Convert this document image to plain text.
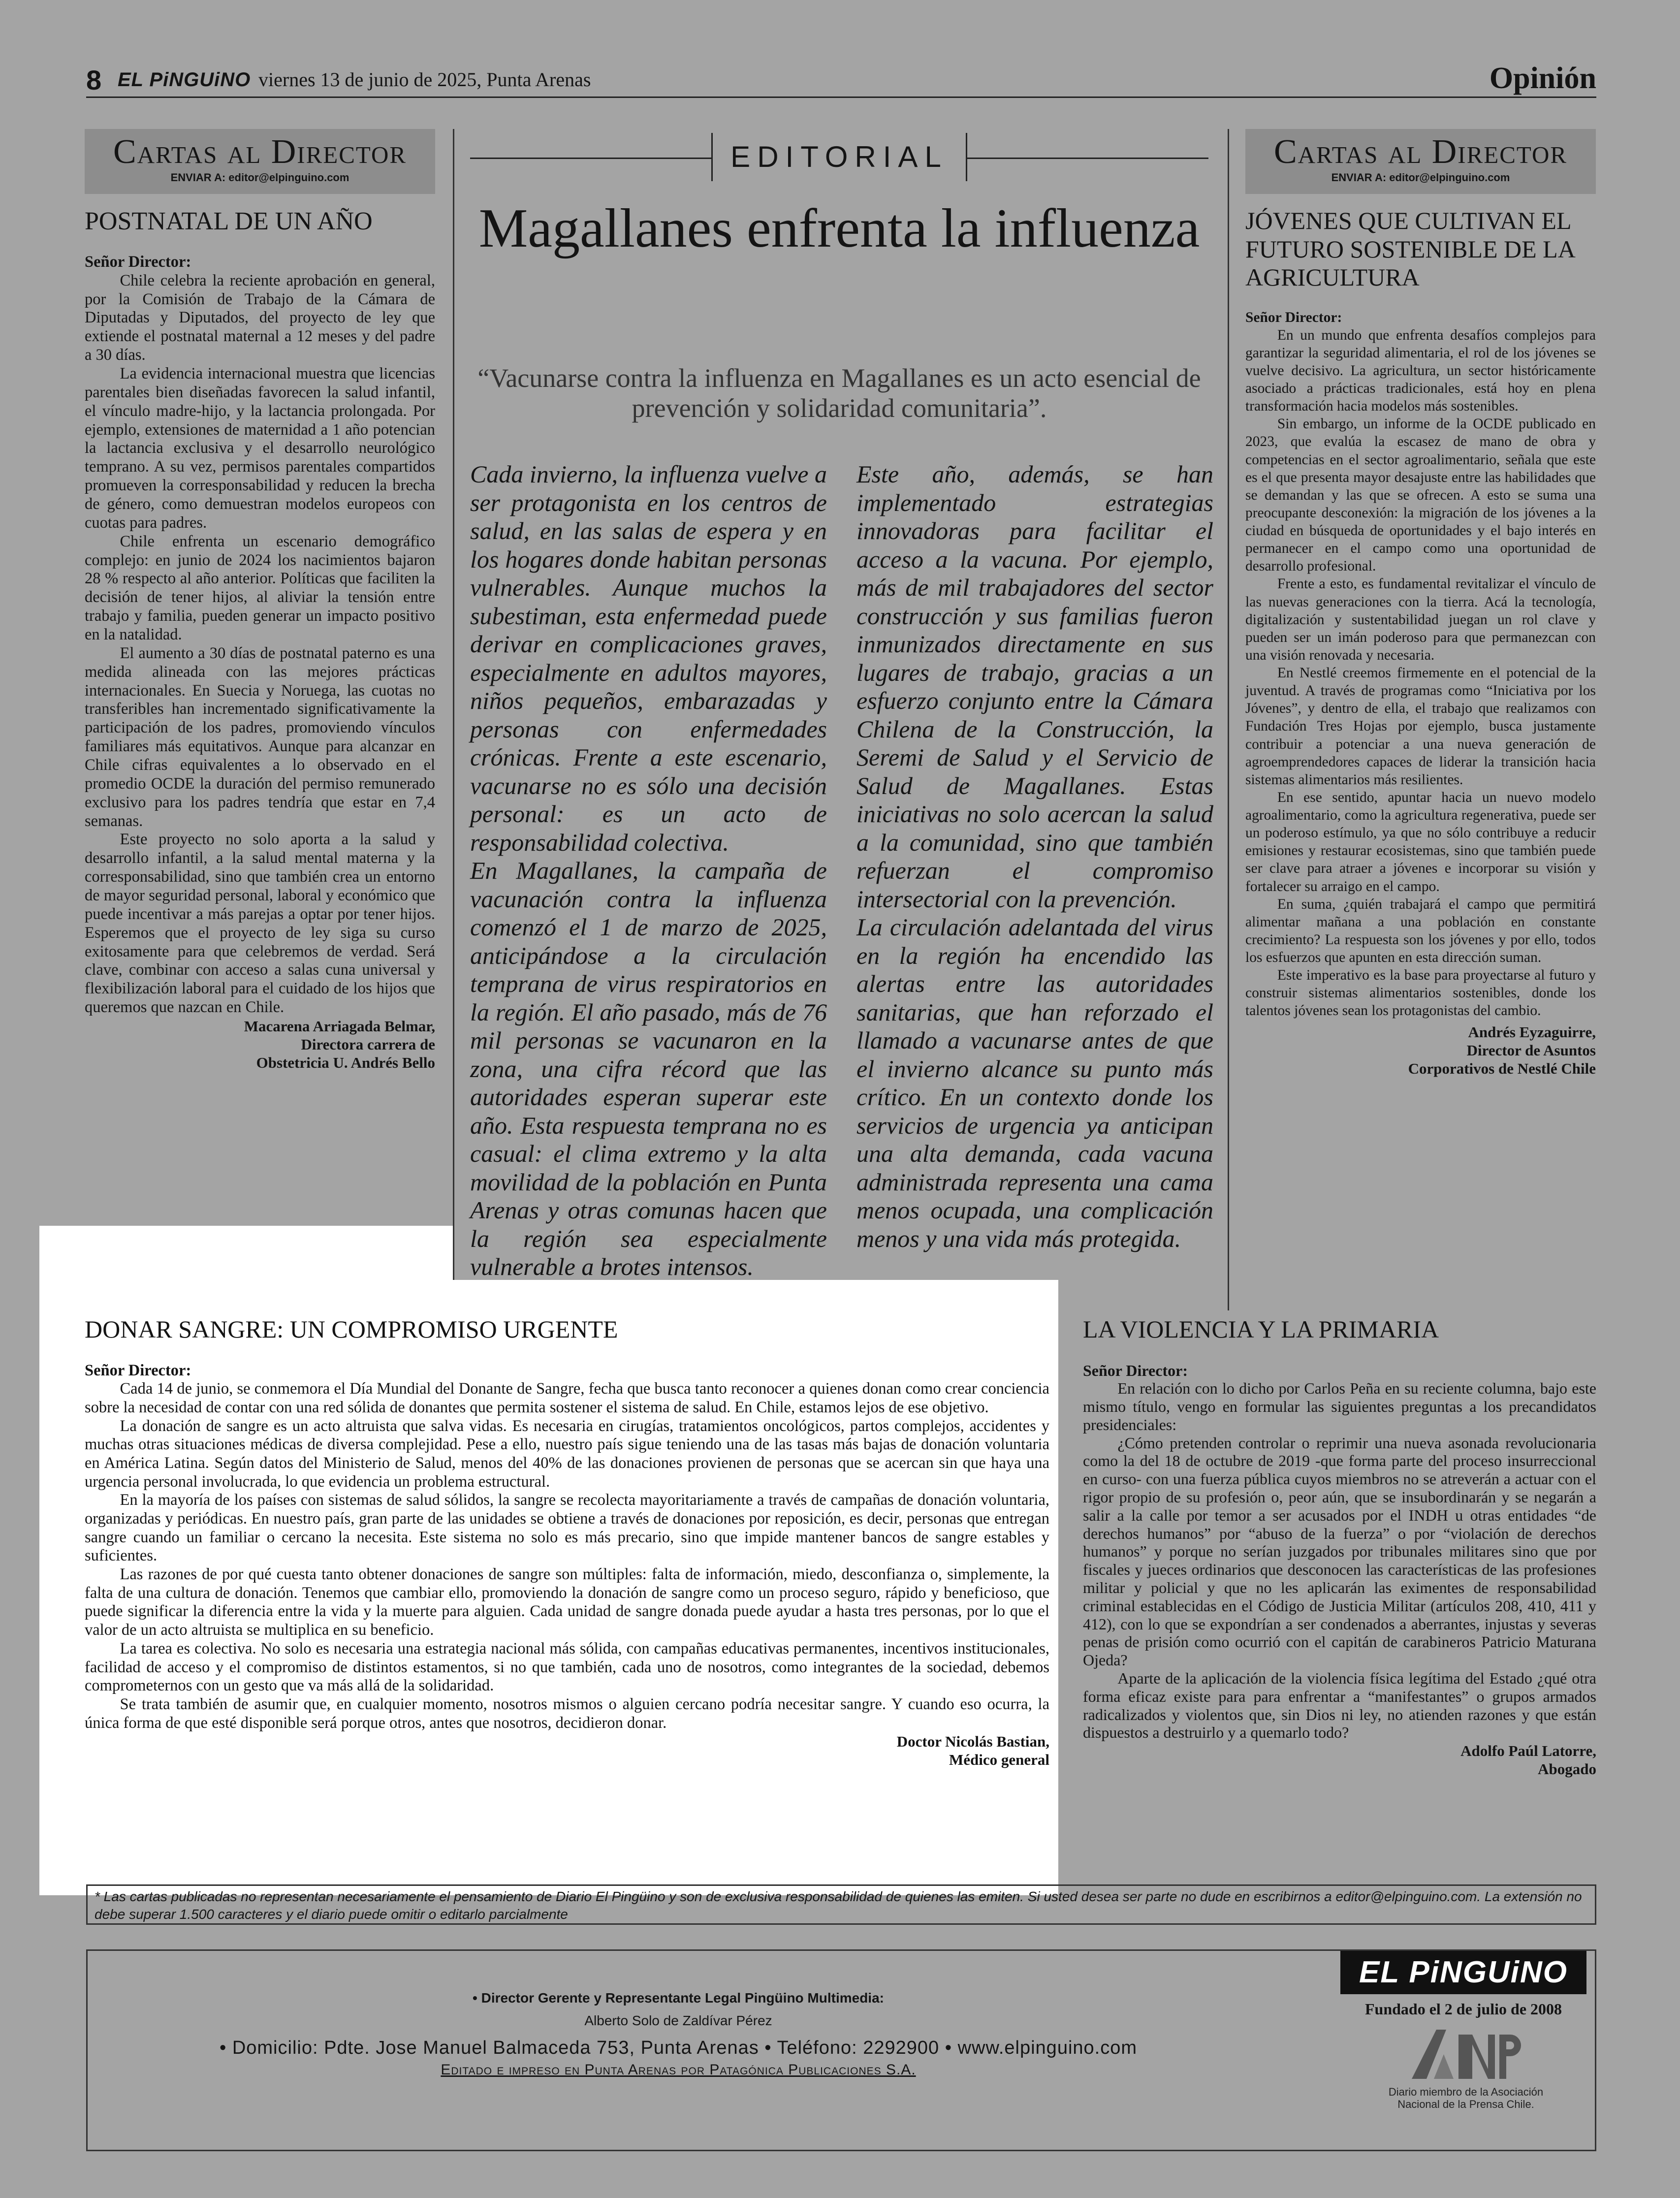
8 EL PiNGUiNO viernes 13 de junio de 2025, Punta Arenas	Opinión
Cartas al Director
ENVIAR A: editor@elpinguino.com
Cartas al Director
ENVIAR A: editor@elpinguino.com
POSTNATAL DE UN AÑO

Señor Director:

Chile celebra la reciente aprobación en general, por la Comisión de Trabajo de la Cámara de Diputadas y Diputados, del proyecto de ley que extiende el postnatal maternal a 12 meses y del padre a 30 días.

La evidencia internacional muestra que licencias parentales bien diseñadas favorecen la salud infantil, el vínculo madre-hijo, y la lactancia prolongada. Por ejemplo, extensiones de maternidad a 1 año potencian la lactancia exclusiva y el desarrollo neurológico temprano. A su vez, permisos parentales compartidos promueven la corresponsabilidad y reducen la brecha de género, como demuestran modelos europeos con cuotas para padres.

Chile enfrenta un escenario demográfico complejo: en junio de 2024 los nacimientos bajaron 28 % respecto al año anterior. Políticas que faciliten la decisión de tener hijos, al aliviar la tensión entre trabajo y familia, pueden generar un impacto positivo en la natalidad.

El aumento a 30 días de postnatal paterno es una medida alineada con las mejores prácticas internacionales. En Suecia y Noruega, las cuotas no transferibles han incrementado significativamente la participación de los padres, promoviendo vínculos familiares más equitativos. Aunque para alcanzar en Chile cifras equivalentes a lo observado en el promedio OCDE la duración del permiso remunerado exclusivo para los padres tendría que estar en 7,4 semanas.

Este proyecto no solo aporta a la salud y desarrollo infantil, a la salud mental materna y la corresponsabilidad, sino que también crea un entorno de mayor seguridad personal, laboral y económico que puede incentivar a más parejas a optar por tener hijos. Esperemos que el proyecto de ley siga su curso exitosamente para que celebremos de verdad. Será clave, combinar con acceso a salas cuna universal y flexibilización laboral para el cuidado de los hijos que queremos que nazcan en Chile.

Macarena Arriagada Belmar,
Directora carrera de
Obstetricia U. Andrés Bello
EDITORIAL
Magallanes enfrenta la influenza
“Vacunarse contra la influenza en Magallanes es un acto esencial de prevención y solidaridad comunitaria”.

Cada invierno, la influenza vuelve a ser protagonista en los centros de salud, en las salas de espera y en los hogares donde habitan personas vulnerables. Aunque muchos la subestiman, esta enfermedad puede derivar en complicaciones graves, especialmente en adultos mayores, niños pequeños, embarazadas y personas con enfermedades crónicas. Frente a este escenario, vacunarse no es sólo una decisión personal: es un acto de responsabilidad colectiva.

En Magallanes, la campaña de vacunación contra la influenza comenzó el 1 de marzo de 2025, anticipándose a la circulación temprana de virus respiratorios en la región. El año pasado, más de 76 mil personas se vacunaron en la zona, una cifra récord que las autoridades esperan superar este año. Esta respuesta temprana no es casual: el clima extremo y la alta movilidad de la población en Punta Arenas y otras comunas hacen que la región sea especialmente vulnerable a brotes intensos.

Este año, además, se han implementado estrategias innovadoras para facilitar el acceso a la vacuna. Por ejemplo, más de mil trabajadores del sector construcción y sus familias fueron inmunizados directamente en sus lugares de trabajo, gracias a un esfuerzo conjunto entre la Cámara Chilena de la Construcción, la Seremi de Salud y el Servicio de Salud de Magallanes. Estas iniciativas no solo acercan la salud a la comunidad, sino que también refuerzan el compromiso intersectorial con la prevención.

La circulación adelantada del virus en la región ha encendido las alertas entre las autoridades sanitarias, que han reforzado el llamado a vacunarse antes de que el invierno alcance su punto más crítico. En un contexto donde los servicios de urgencia ya anticipan una alta demanda, cada vacuna administrada representa una cama menos ocupada, una complicación menos y una vida más protegida.

JÓVENES QUE CULTIVAN EL FUTURO SOSTENIBLE DE LA AGRICULTURA

Señor Director:

En un mundo que enfrenta desafíos complejos para garantizar la seguridad alimentaria, el rol de los jóvenes se vuelve decisivo. La agricultura, un sector históricamente asociado a prácticas tradicionales, está hoy en plena transformación hacia modelos más sostenibles.

Sin embargo, un informe de la OCDE publicado en 2023, que evalúa la escasez de mano de obra y competencias en el sector agroalimentario, señala que este es el que presenta mayor desajuste entre las habilidades que se demandan y las que se ofrecen. A esto se suma una preocupante desconexión: la migración de los jóvenes a la ciudad en búsqueda de oportunidades y el bajo interés en permanecer en el campo como una oportunidad de desarrollo profesional.

Frente a esto, es fundamental revitalizar el vínculo de las nuevas generaciones con la tierra. Acá la tecnología, digitalización y sustentabilidad juegan un rol clave y pueden ser un imán poderoso para que permanezcan con una visión renovada y necesaria.

En Nestlé creemos firmemente en el potencial de la juventud. A través de programas como “Iniciativa por los Jóvenes”, y dentro de ella, el trabajo que realizamos con Fundación Tres Hojas por ejemplo, busca justamente contribuir a potenciar a una nueva generación de agroemprendedores capaces de liderar la transición hacia sistemas alimentarios más resilientes.

En ese sentido, apuntar hacia un nuevo modelo agroalimentario, como la agricultura regenerativa, puede ser un poderoso estímulo, ya que no sólo contribuye a reducir emisiones y restaurar ecosistemas, sino que también puede ser clave para atraer a jóvenes e incorporar su visión y fortalecer su arraigo en el campo.

En suma, ¿quién trabajará el campo que permitirá alimentar mañana a una población en constante crecimiento? La respuesta son los jóvenes y por ello, todos los esfuerzos que apunten en esta dirección suman.

Este imperativo es la base para proyectarse al futuro y construir sistemas alimentarios sostenibles, donde los talentos jóvenes sean los protagonistas del cambio.

Andrés Eyzaguirre,
Director de Asuntos
Corporativos de Nestlé Chile
DONAR SANGRE: UN COMPROMISO URGENTE

Señor Director:

Cada 14 de junio, se conmemora el Día Mundial del Donante de Sangre, fecha que busca tanto reconocer a quienes donan como crear conciencia sobre la necesidad de contar con una red sólida de donantes que permita sostener el sistema de salud. En Chile, estamos lejos de ese objetivo.

La donación de sangre es un acto altruista que salva vidas. Es necesaria en cirugías, tratamientos oncológicos, partos complejos, accidentes y muchas otras situaciones médicas de diversa complejidad. Pese a ello, nuestro país sigue teniendo una de las tasas más bajas de donación voluntaria en América Latina. Según datos del Ministerio de Salud, menos del 40% de las donaciones provienen de personas que se acercan sin que haya una urgencia personal involucrada, lo que evidencia un problema estructural.

En la mayoría de los países con sistemas de salud sólidos, la sangre se recolecta mayoritariamente a través de campañas de donación voluntaria, organizadas y periódicas. En nuestro país, gran parte de las unidades se obtiene a través de donaciones por reposición, es decir, personas que entregan sangre cuando un familiar o cercano la necesita. Este sistema no solo es más precario, sino que impide mantener bancos de sangre estables y suficientes.

Las razones de por qué cuesta tanto obtener donaciones de sangre son múltiples: falta de información, miedo, desconfianza o, simplemente, la falta de una cultura de donación. Tenemos que cambiar ello, promoviendo la donación de sangre como un proceso seguro, rápido y beneficioso, que puede significar la diferencia entre la vida y la muerte para alguien. Cada unidad de sangre donada puede ayudar a hasta tres personas, por lo que el valor de un acto altruista se multiplica en su beneficio.

La tarea es colectiva. No solo es necesaria una estrategia nacional más sólida, con campañas educativas permanentes, incentivos institucionales, facilidad de acceso y el compromiso de distintos estamentos, si no que también, cada uno de nosotros, como integrantes de la sociedad, debemos comprometernos con un gesto que va más allá de la solidaridad.

Se trata también de asumir que, en cualquier momento, nosotros mismos o alguien cercano podría necesitar sangre. Y cuando eso ocurra, la única forma de que esté disponible será porque otros, antes que nosotros, decidieron donar.

Doctor Nicolás Bastian,
Médico general
LA VIOLENCIA Y LA PRIMARIA

Señor Director:

En relación con lo dicho por Carlos Peña en su reciente columna, bajo este mismo título, vengo en formular las siguientes preguntas a los precandidatos presidenciales:

¿Cómo pretenden controlar o reprimir una nueva asonada revolucionaria como la del 18 de octubre de 2019 -que forma parte del proceso insurreccional en curso- con una fuerza pública cuyos miembros no se atreverán a actuar con el rigor propio de su profesión o, peor aún, que se insubordinarán y se negarán a salir a la calle por temor a ser acusados por el INDH u otras entidades “de derechos humanos” por “abuso de la fuerza” o por “violación de derechos humanos” y porque no serían juzgados por tribunales militares sino que por fiscales y jueces ordinarios que desconocen las características de las profesiones militar y policial y que no les aplicarán las eximentes de responsabilidad criminal establecidas en el Código de Justicia Militar (artículos 208, 410, 411 y 412), con lo que se expondrían a ser condenados a aberrantes, injustas y severas penas de prisión como ocurrió con el capitán de carabineros Patricio Maturana Ojeda?

Aparte de la aplicación de la violencia física legítima del Estado ¿qué otra forma eficaz existe para para enfrentar a “manifestantes” o grupos armados radicalizados y violentos que, sin Dios ni ley, no atienden razones y que están dispuestos a destruirlo y a quemarlo todo?

Adolfo Paúl Latorre,
Abogado
* Las cartas publicadas no representan necesariamente el pensamiento de Diario El Pingüino y son de exclusiva responsabilidad de quienes las emiten. Si usted desea ser parte no dude en escribirnos a editor@elpinguino.com. La extensión no debe superar 1.500 caracteres y el diario puede omitir o editarlo parcialmente
• Director Gerente y Representante Legal Pingüino Multimedia:
Alberto Solo de Zaldívar Pérez
• Domicilio: Pdte. Jose Manuel Balmaceda 753, Punta Arenas • Teléfono: 2292900 • www.elpinguino.com
Editado e impreso en Punta Arenas por Patagónica Publicaciones S.A.
EL PiNGUiNO
Fundado el 2 de julio de 2008
Diario miembro de la Asociación Nacional de la Prensa Chile.
